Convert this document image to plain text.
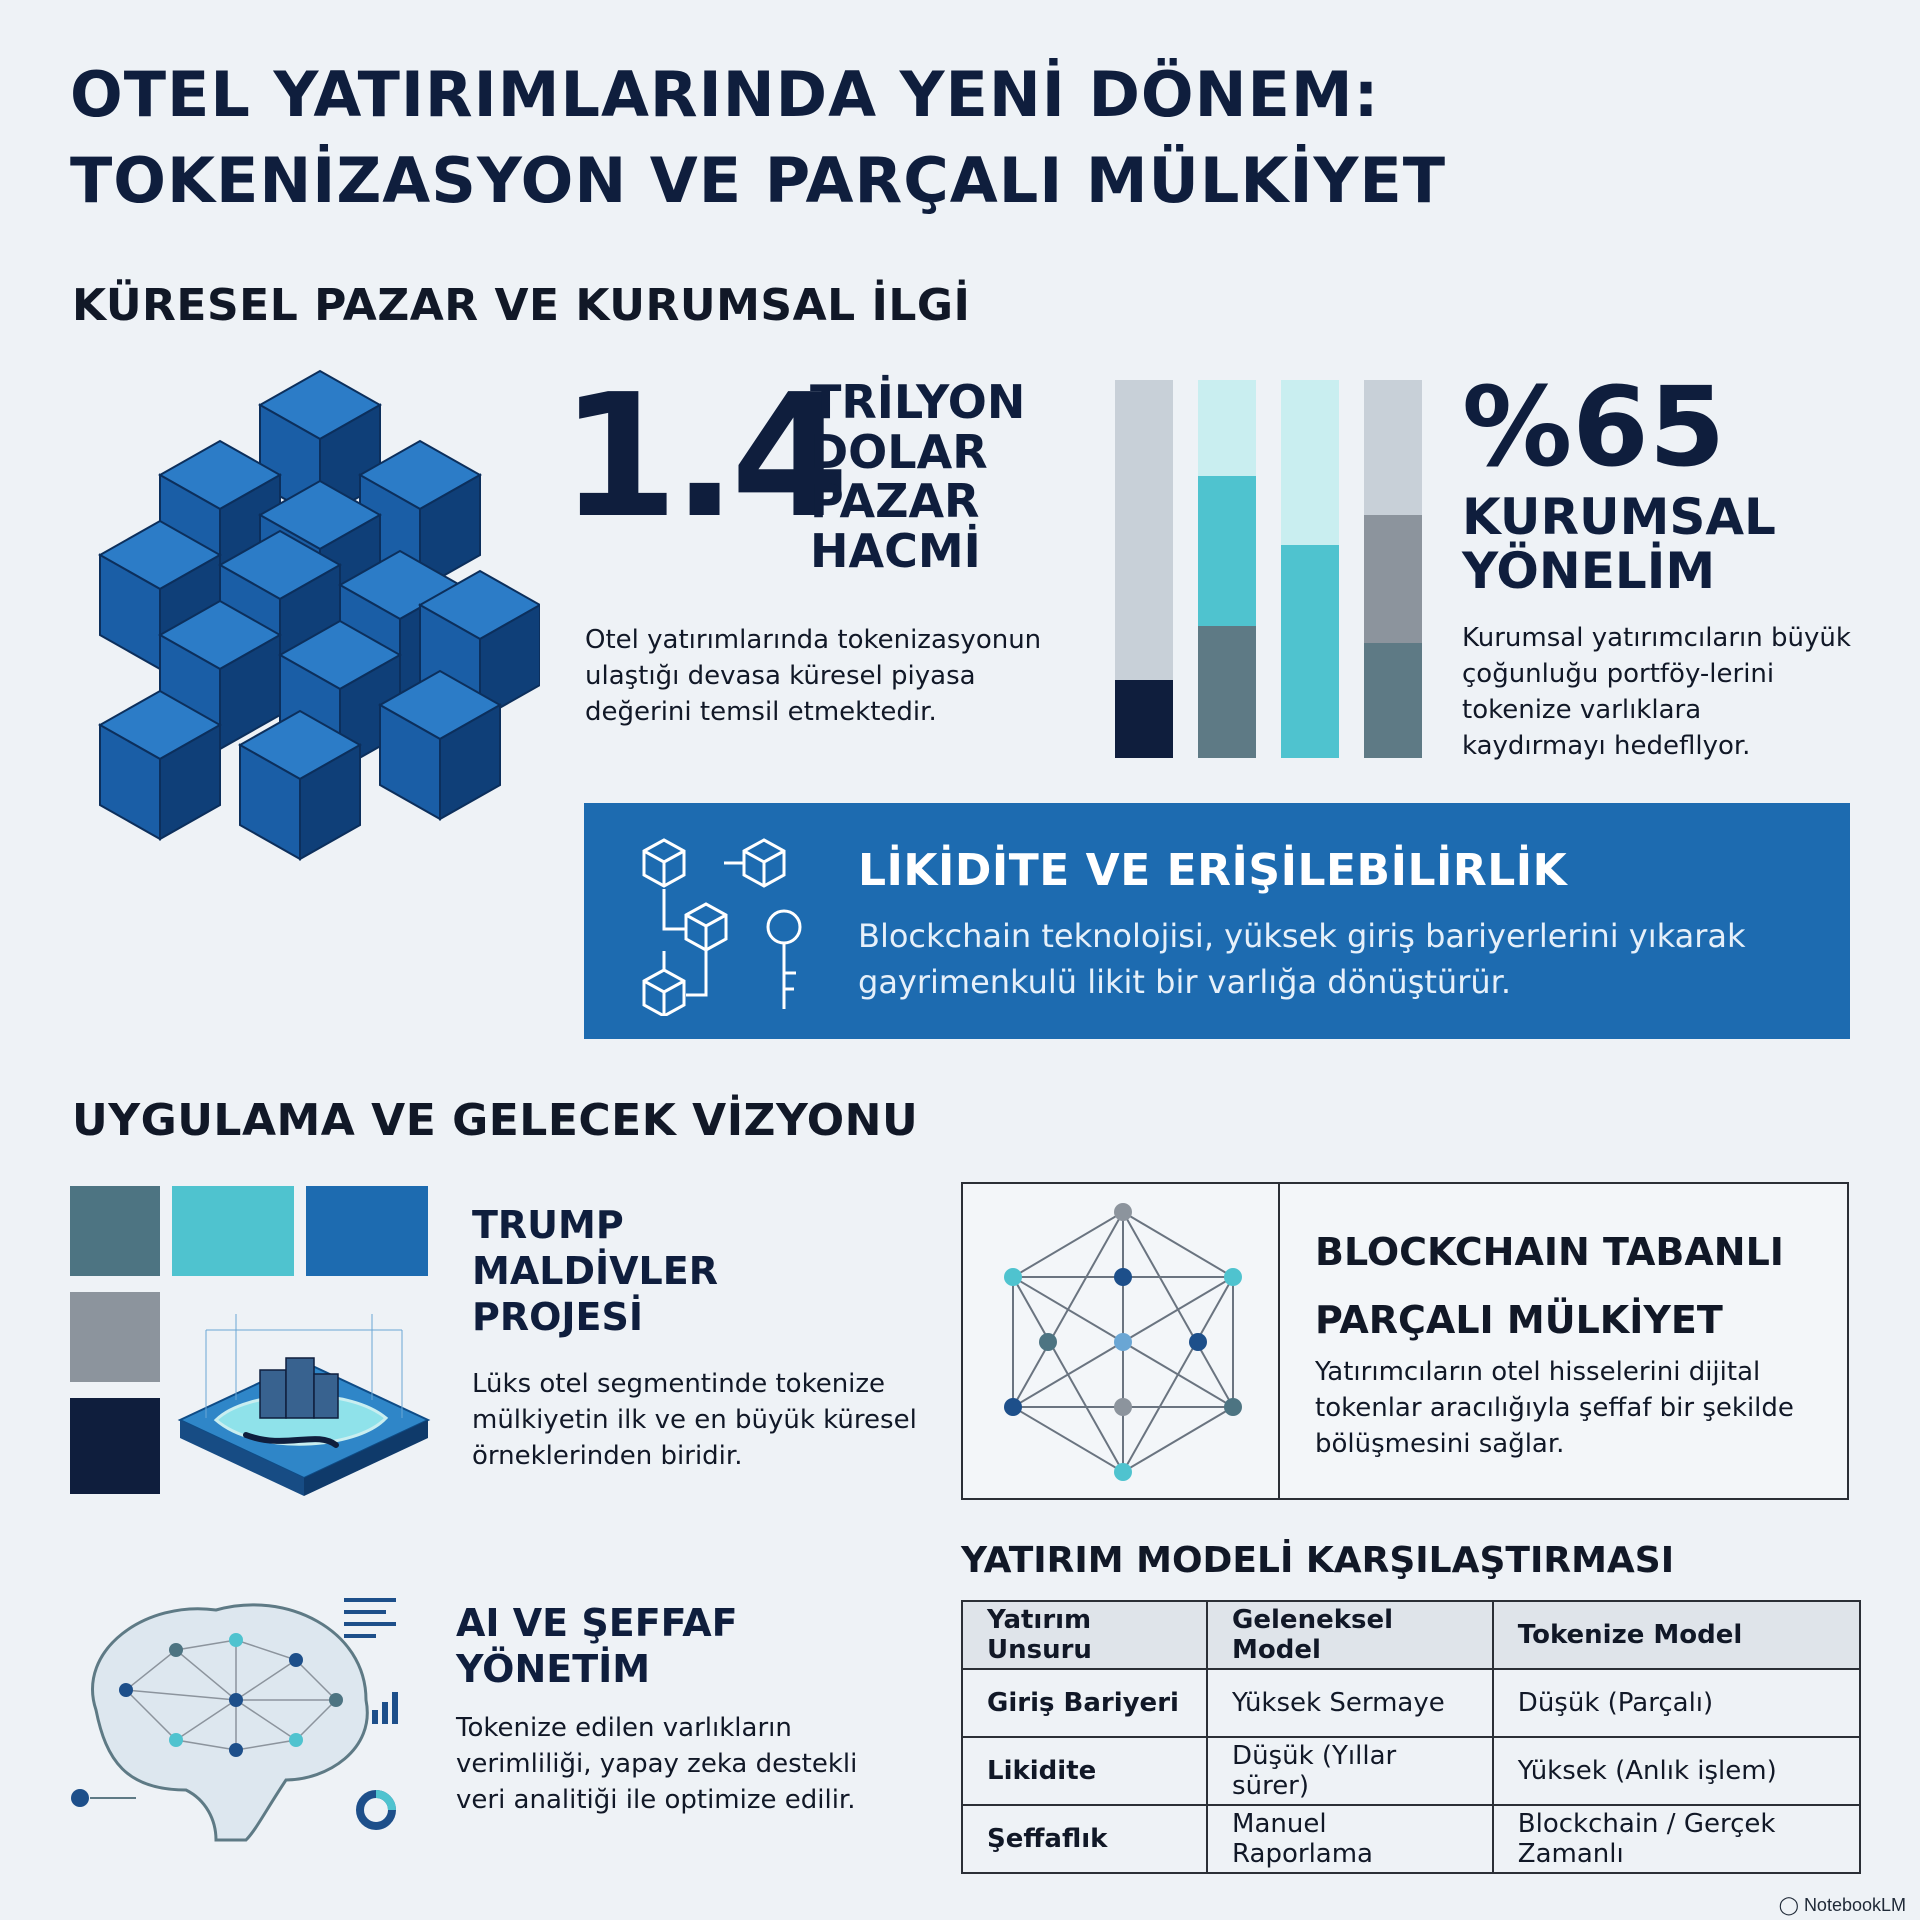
OTEL YATIRIMLARINDA YENİ DÖNEM:
TOKENİZASYON VE PARÇALI MÜLKİYET
KÜRESEL PAZAR VE KURUMSAL İLGİ
1.4
TRİLYON
DOLAR
PAZAR
HACMİ
Otel yatırımlarında tokenizasyonun ulaştığı devasa küresel piyasa değerini temsil etmektedir.
%65
KURUMSAL
YÖNELİM
Kurumsal yatırımcıların büyük çoğunluğu portföy-lerini tokenize varlıklara kaydırmayı hedefllyor.
LİKİDİTE VE ERİŞİLEBİLİRLİK

Blockchain teknolojisi, yüksek giriş bariyerlerini yıkarak gayrimenkulü likit bir varlığa dönüştürür.

UYGULAMA VE GELECEK VİZYONU
TRUMP
MALDİVLER
PROJESİ
Lüks otel segmentinde tokenize mülkiyetin ilk ve en büyük küresel örneklerinden biridir.
BLOCKCHAIN TABANLI
PARÇALI MÜLKİYET
Yatırımcıların otel hisselerini dijital tokenlar aracılığıyla şeffaf bir şekilde bölüşmesini sağlar.
AI VE ŞEFFAF
YÖNETİM
Tokenize edilen varlıkların verimliliği, yapay zeka destekli veri analitiği ile optimize edilir.
YATIRIM MODELİ KARŞILAŞTIRMASI
Yatırım Unsuru	Geleneksel Model	Tokenize Model
Giriş Bariyeri	Yüksek Sermaye	Düşük (Parçalı)
Likidite	Düşük (Yıllar sürer)	Yüksek (Anlık işlem)
Şeffaflık	Manuel Raporlama	Blockchain / Gerçek Zamanlı
◯ NotebookLM
